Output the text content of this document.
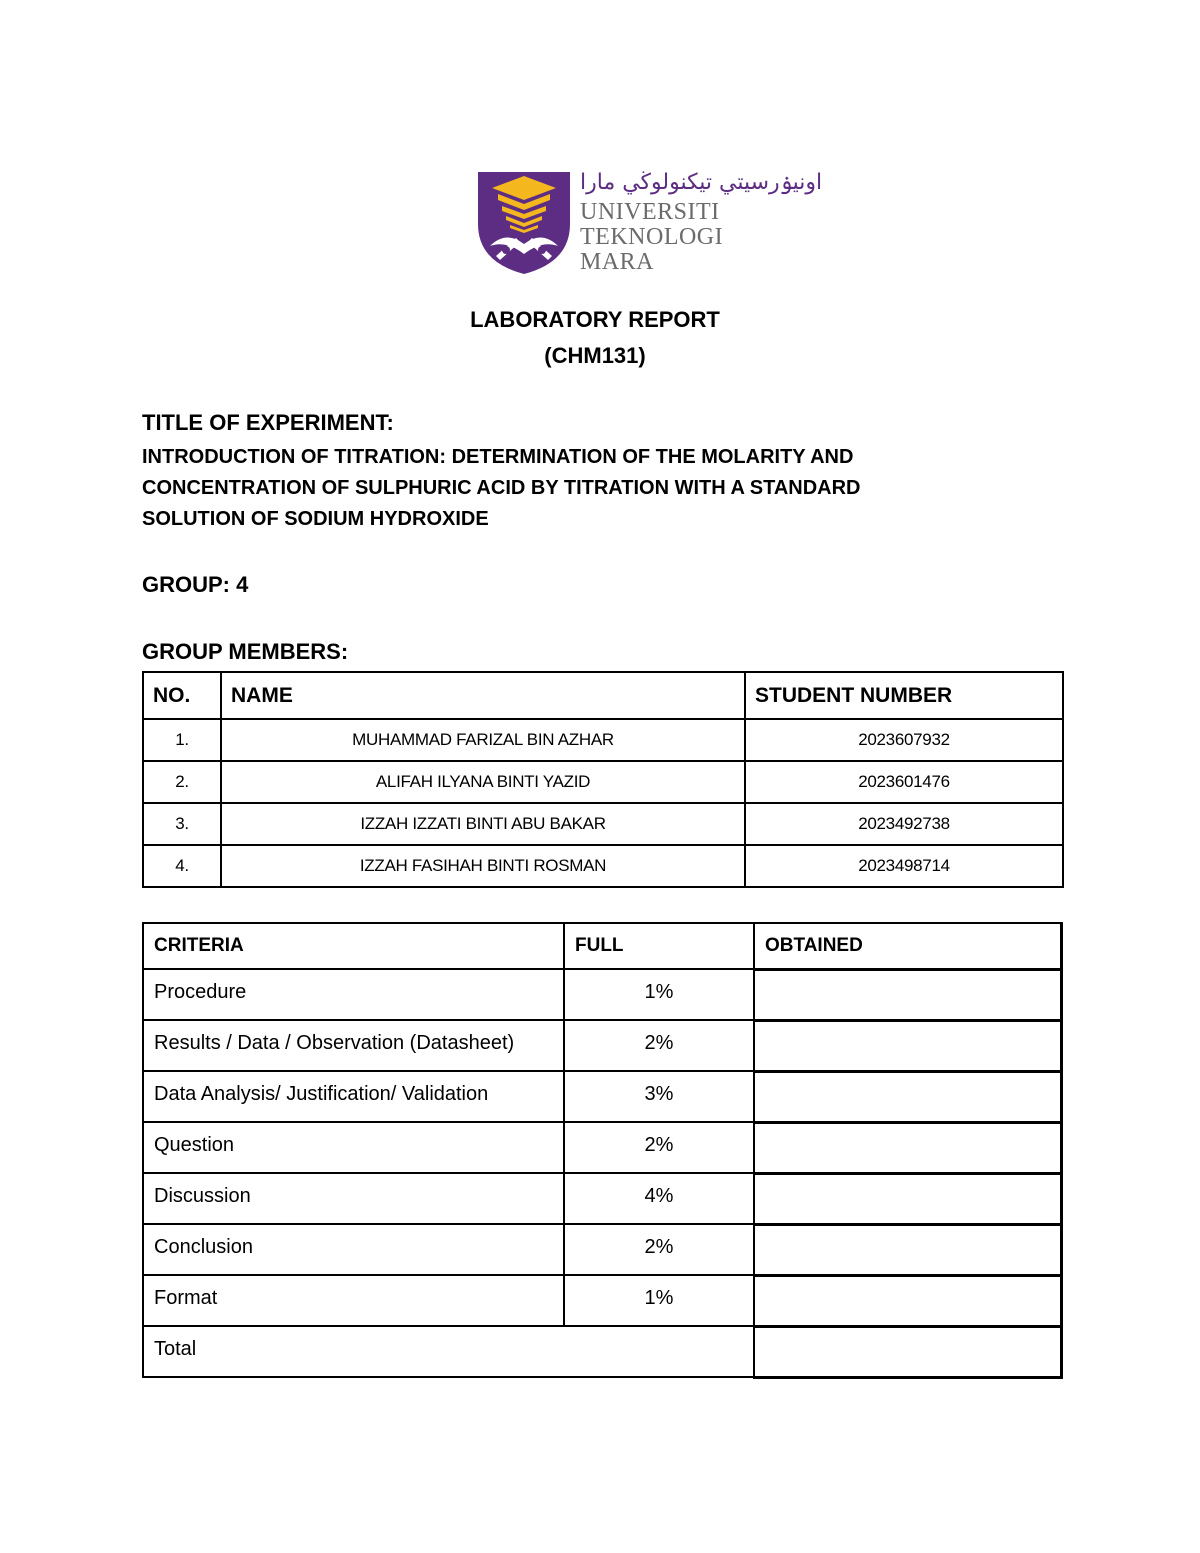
اونيۏرسيتي تيكنولوڬي مارا
UNIVERSITI
TEKNOLOGI
MARA
LABORATORY REPORT
(CHM131)
TITLE OF EXPERIMENT:
INTRODUCTION OF TITRATION: DETERMINATION OF THE MOLARITY AND
CONCENTRATION OF SULPHURIC ACID BY TITRATION WITH A STANDARD
SOLUTION OF SODIUM HYDROXIDE
GROUP: 4
GROUP MEMBERS:
NO.	NAME	STUDENT NUMBER
1.	MUHAMMAD FARIZAL BIN AZHAR	2023607932
2.	ALIFAH ILYANA BINTI YAZID	2023601476
3.	IZZAH IZZATI BINTI ABU BAKAR	2023492738
4.	IZZAH FASIHAH BINTI ROSMAN	2023498714
CRITERIA	FULL	OBTAINED
Procedure	1%	
Results / Data / Observation (Datasheet)	2%	
Data Analysis/ Justification/ Validation	3%	
Question	2%	
Discussion	4%	
Conclusion	2%	
Format	1%	
Total		
